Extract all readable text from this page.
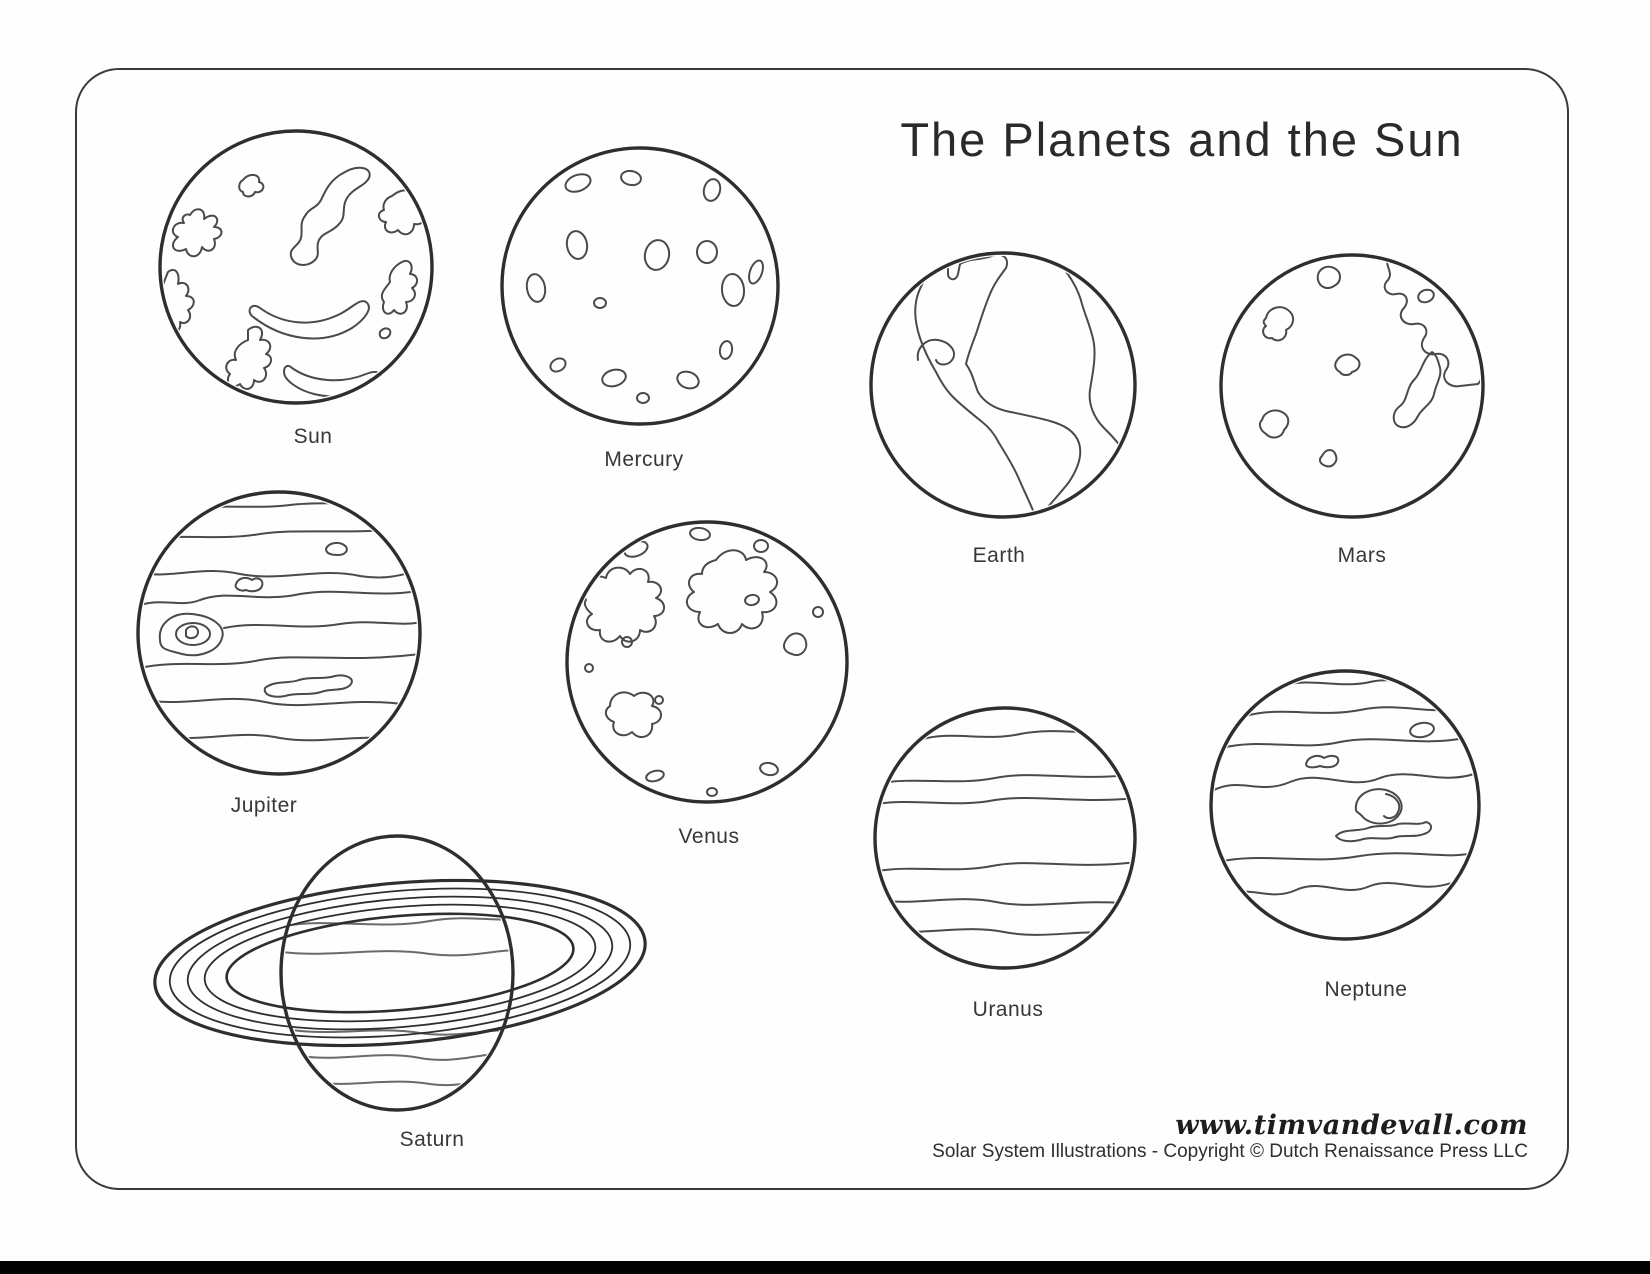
The Planets and the Sun
Sun
Mercury
Earth	Mars
Jupiter
Venus
Saturn
Uranus
Neptune
www.timvandevall.com
Solar System Illustrations - Copyright © Dutch Renaissance Press LLC
